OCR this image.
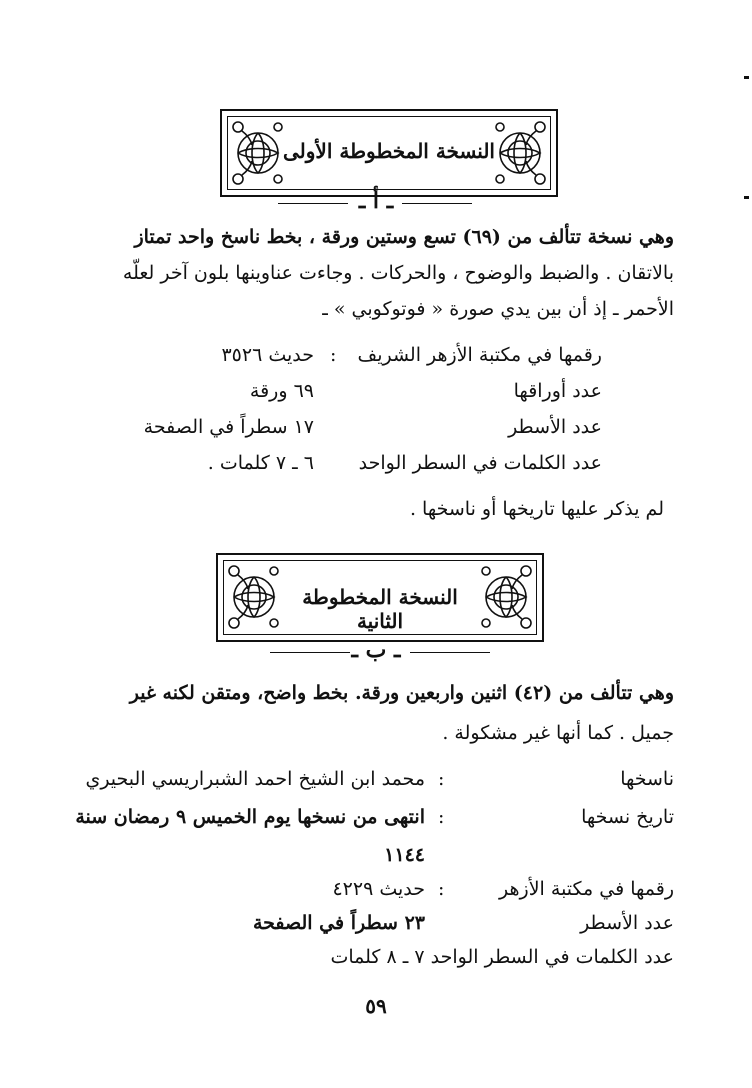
النسخة المخطوطة الأولى
ـ أ ـ
وهي نسخة تتألف من (٦٩) تسع وستين ورقة ، بخط ناسخ واحد تمتاز
بالاتقان . والضبط والوضوح ، والحركات . وجاءت عناوينها بلون آخر لعلّه
الأحمر ـ إذ أن بين يدي صورة « فوتوكوبي » ـ
رقمها في مكتبة الأزهر الشريف
:
حديث ٣٥٢٦
عدد أوراقها
٦٩ ورقة
عدد الأسطر
١٧ سطراً في الصفحة
عدد الكلمات في السطر الواحد
٦ ـ ٧ كلمات .
لم يذكر عليها تاريخها أو ناسخها .
النسخة المخطوطة الثانية
ـ ب ـ
وهي تتألف من (٤٢) اثنين واربعين ورقة. بخط واضح، ومتقن لكنه غير
جميل . كما أنها غير مشكولة .
ناسخها
:
محمد ابن الشيخ احمد الشبراريسي البحيري
تاريخ نسخها
:
انتهى من نسخها يوم الخميس ٩ رمضان سنة
١١٤٤
رقمها في مكتبة الأزهر
:
حديث ٤٢٢٩
عدد الأسطر
٢٣ سطراً في الصفحة
عدد الكلمات في السطر الواحد ٧ ـ ٨ كلمات
٥٩
